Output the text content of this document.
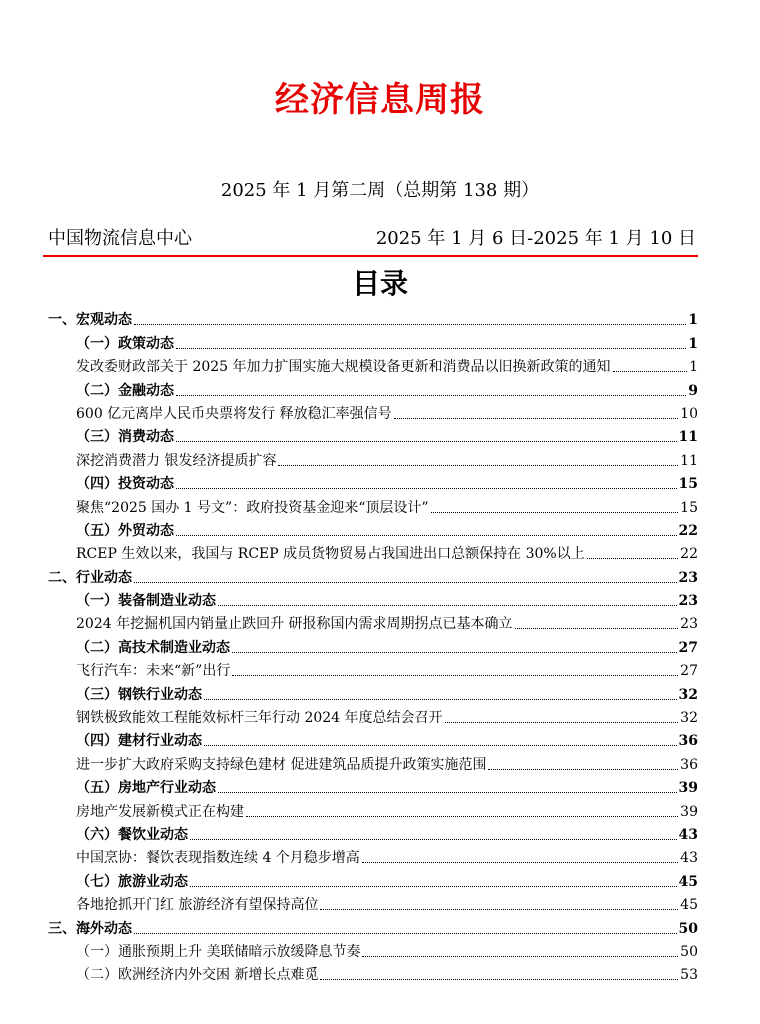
经济信息周报
2025 年 1 月第二周（总期第 138 期）
中国物流信息中心	2025 年 1 月 6 日-2025 年 1 月 10 日
目录
一、宏观动态	1
（一）政策动态	1
发改委财政部关于 2025 年加力扩围实施大规模设备更新和消费品以旧换新政策的通知	1
（二）金融动态	9
600 亿元离岸人民币央票将发行 释放稳汇率强信号	10
（三）消费动态	11
深挖消费潜力 银发经济提质扩容	11
（四）投资动态	15
聚焦“2025 国办 1 号文”：政府投资基金迎来“顶层设计”	15
（五）外贸动态	22
RCEP 生效以来，我国与 RCEP 成员货物贸易占我国进出口总额保持在 30%以上	22
二、行业动态	23
（一）装备制造业动态	23
2024 年挖掘机国内销量止跌回升 研报称国内需求周期拐点已基本确立	23
（二）高技术制造业动态	27
飞行汽车：未来“新”出行	27
（三）钢铁行业动态	32
钢铁极致能效工程能效标杆三年行动 2024 年度总结会召开	32
（四）建材行业动态	36
进一步扩大政府采购支持绿色建材 促进建筑品质提升政策实施范围	36
（五）房地产行业动态	39
房地产发展新模式正在构建	39
（六）餐饮业动态	43
中国烹协：餐饮表现指数连续 4 个月稳步增高	43
（七）旅游业动态	45
各地抢抓开门红 旅游经济有望保持高位	45
三、海外动态	50
（一）通胀预期上升 美联储暗示放缓降息节奏	50
（二）欧洲经济内外交困 新增长点难觅	53
